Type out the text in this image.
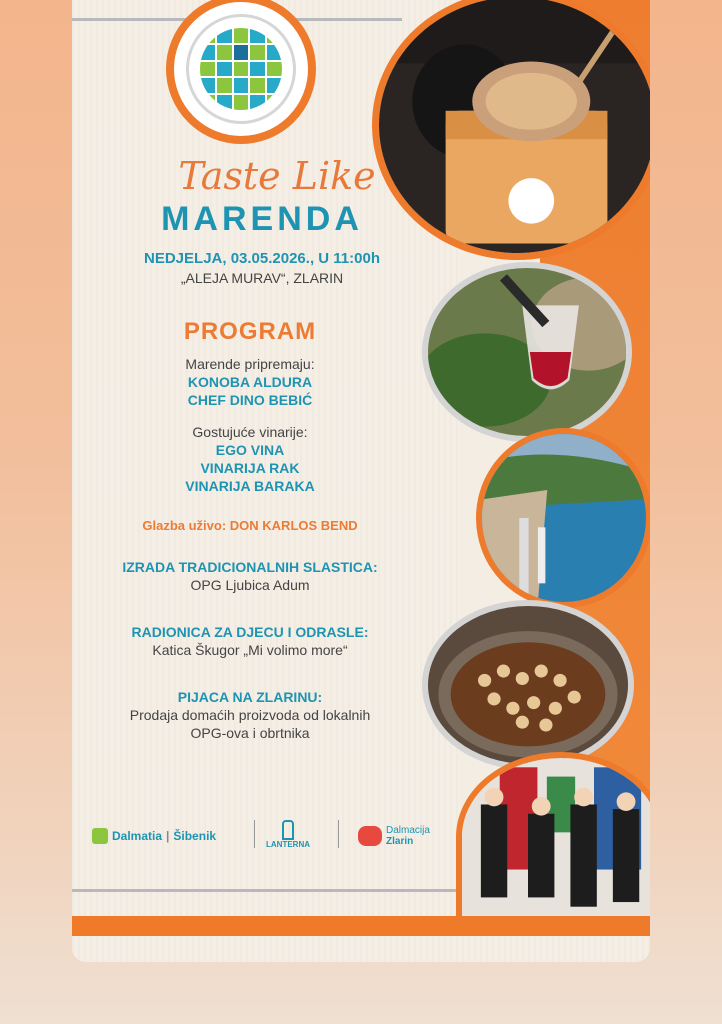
Taste Like
MARENDA
NEDJELJA, 03.05.2026., U 11:00h
„ALEJA MURAV“, ZLARIN
PROGRAM
Marende pripremaju:
KONOBA ALDURA
CHEF DINO BEBIĆ
Gostujuće vinarije:
EGO VINA
VINARIJA RAK
VINARIJA BARAKA
Glazba uživo: DON KARLOS BEND
IZRADA TRADICIONALNIH SLASTICA:
OPG Ljubica Adum
RADIONICA ZA DJECU I ODRASLE:
Katica Škugor „Mi volimo more“
PIJACA NA ZLARINU:
Prodaja domaćih proizvoda od lokalnih
OPG-ova i obrtnika
Dalmatia | Šibenik
LANTERNA
Dalmacija
Zlarin
